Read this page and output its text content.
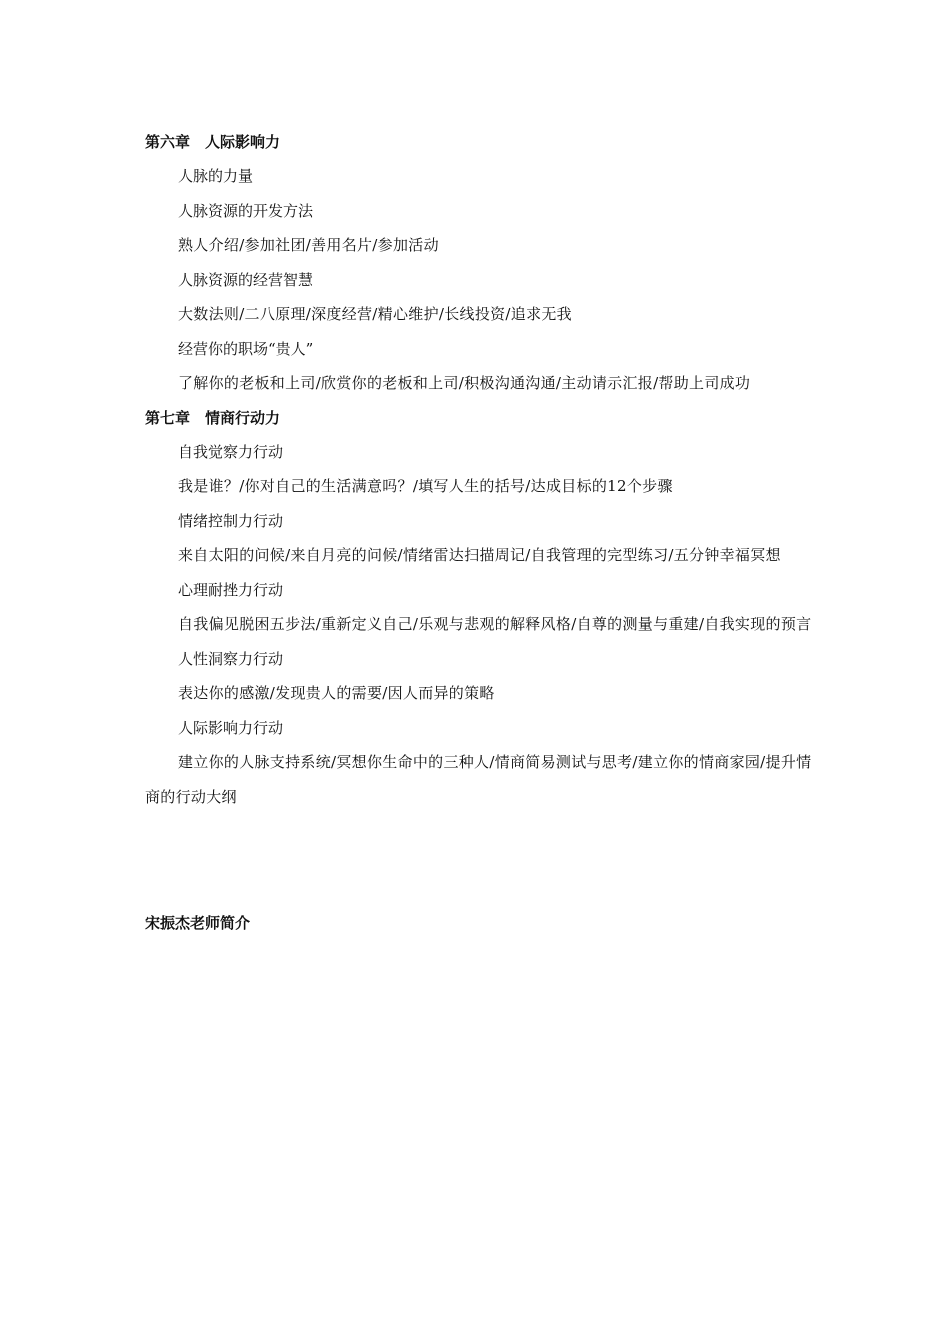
第六章　人际影响力

人脉的力量

人脉资源的开发方法

熟人介绍/参加社团/善用名片/参加活动

人脉资源的经营智慧

大数法则/二八原理/深度经营/精心维护/长线投资/追求无我

经营你的职场“贵人”

了解你的老板和上司/欣赏你的老板和上司/积极沟通沟通/主动请示汇报/帮助上司成功

第七章　情商行动力

自我觉察力行动

我是谁？/你对自己的生活满意吗？/填写人生的括号/达成目标的12个步骤

情绪控制力行动

来自太阳的问候/来自月亮的问候/情绪雷达扫描周记/自我管理的完型练习/五分钟幸福冥想

心理耐挫力行动

自我偏见脱困五步法/重新定义自己/乐观与悲观的解释风格/自尊的测量与重建/自我实现的预言

人性洞察力行动

表达你的感激/发现贵人的需要/因人而异的策略

人际影响力行动

建立你的人脉支持系统/冥想你生命中的三种人/情商简易测试与思考/建立你的情商家园/提升情商的行动大纲

宋振杰老师简介
